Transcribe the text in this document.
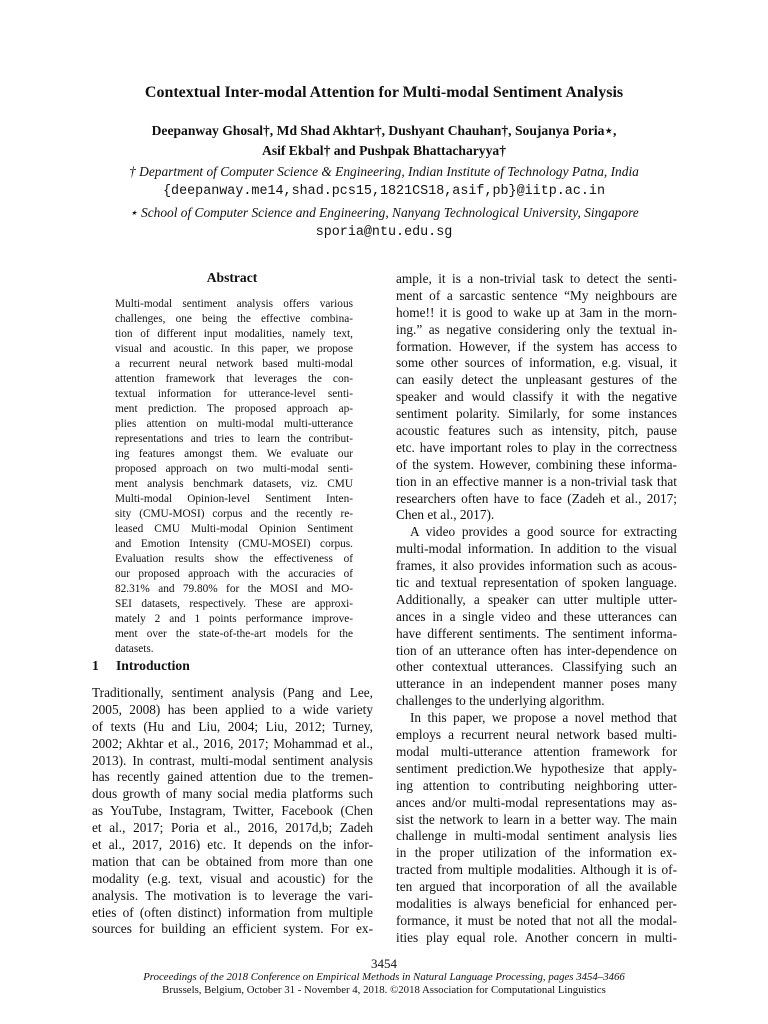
Contextual Inter-modal Attention for Multi-modal Sentiment Analysis
Deepanway Ghosal†, Md Shad Akhtar†, Dushyant Chauhan†, Soujanya Poria⋆,
Asif Ekbal† and Pushpak Bhattacharyya†
† Department of Computer Science & Engineering, Indian Institute of Technology Patna, India
{deepanway.me14,shad.pcs15,1821CS18,asif,pb}@iitp.ac.in
⋆ School of Computer Science and Engineering, Nanyang Technological University, Singapore
sporia@ntu.edu.sg
Abstract
Multi-modal sentiment analysis offers various
challenges, one being the effective combina-
tion of different input modalities, namely text,
visual and acoustic. In this paper, we propose
a recurrent neural network based multi-modal
attention framework that leverages the con-
textual information for utterance-level senti-
ment prediction. The proposed approach ap-
plies attention on multi-modal multi-utterance
representations and tries to learn the contribut-
ing features amongst them. We evaluate our
proposed approach on two multi-modal senti-
ment analysis benchmark datasets, viz. CMU
Multi-modal Opinion-level Sentiment Inten-
sity (CMU-MOSI) corpus and the recently re-
leased CMU Multi-modal Opinion Sentiment
and Emotion Intensity (CMU-MOSEI) corpus.
Evaluation results show the effectiveness of
our proposed approach with the accuracies of
82.31% and 79.80% for the MOSI and MO-
SEI datasets, respectively. These are approxi-
mately 2 and 1 points performance improve-
ment over the state-of-the-art models for the
datasets.
1 Introduction
Traditionally, sentiment analysis (Pang and Lee,
2005, 2008) has been applied to a wide variety
of texts (Hu and Liu, 2004; Liu, 2012; Turney,
2002; Akhtar et al., 2016, 2017; Mohammad et al.,
2013). In contrast, multi-modal sentiment analysis
has recently gained attention due to the tremen-
dous growth of many social media platforms such
as YouTube, Instagram, Twitter, Facebook (Chen
et al., 2017; Poria et al., 2016, 2017d,b; Zadeh
et al., 2017, 2016) etc. It depends on the infor-
mation that can be obtained from more than one
modality (e.g. text, visual and acoustic) for the
analysis. The motivation is to leverage the vari-
eties of (often distinct) information from multiple
sources for building an efficient system. For ex-
ample, it is a non-trivial task to detect the senti-
ment of a sarcastic sentence “My neighbours are
home!! it is good to wake up at 3am in the morn-
ing.” as negative considering only the textual in-
formation. However, if the system has access to
some other sources of information, e.g. visual, it
can easily detect the unpleasant gestures of the
speaker and would classify it with the negative
sentiment polarity. Similarly, for some instances
acoustic features such as intensity, pitch, pause
etc. have important roles to play in the correctness
of the system. However, combining these informa-
tion in an effective manner is a non-trivial task that
researchers often have to face (Zadeh et al., 2017;
Chen et al., 2017).
A video provides a good source for extracting
multi-modal information. In addition to the visual
frames, it also provides information such as acous-
tic and textual representation of spoken language.
Additionally, a speaker can utter multiple utter-
ances in a single video and these utterances can
have different sentiments. The sentiment informa-
tion of an utterance often has inter-dependence on
other contextual utterances. Classifying such an
utterance in an independent manner poses many
challenges to the underlying algorithm.
In this paper, we propose a novel method that
employs a recurrent neural network based multi-
modal multi-utterance attention framework for
sentiment prediction.We hypothesize that apply-
ing attention to contributing neighboring utter-
ances and/or multi-modal representations may as-
sist the network to learn in a better way. The main
challenge in multi-modal sentiment analysis lies
in the proper utilization of the information ex-
tracted from multiple modalities. Although it is of-
ten argued that incorporation of all the available
modalities is always beneficial for enhanced per-
formance, it must be noted that not all the modal-
ities play equal role. Another concern in multi-
3454
Proceedings of the 2018 Conference on Empirical Methods in Natural Language Processing, pages 3454–3466
Brussels, Belgium, October 31 - November 4, 2018. ©2018 Association for Computational Linguistics
